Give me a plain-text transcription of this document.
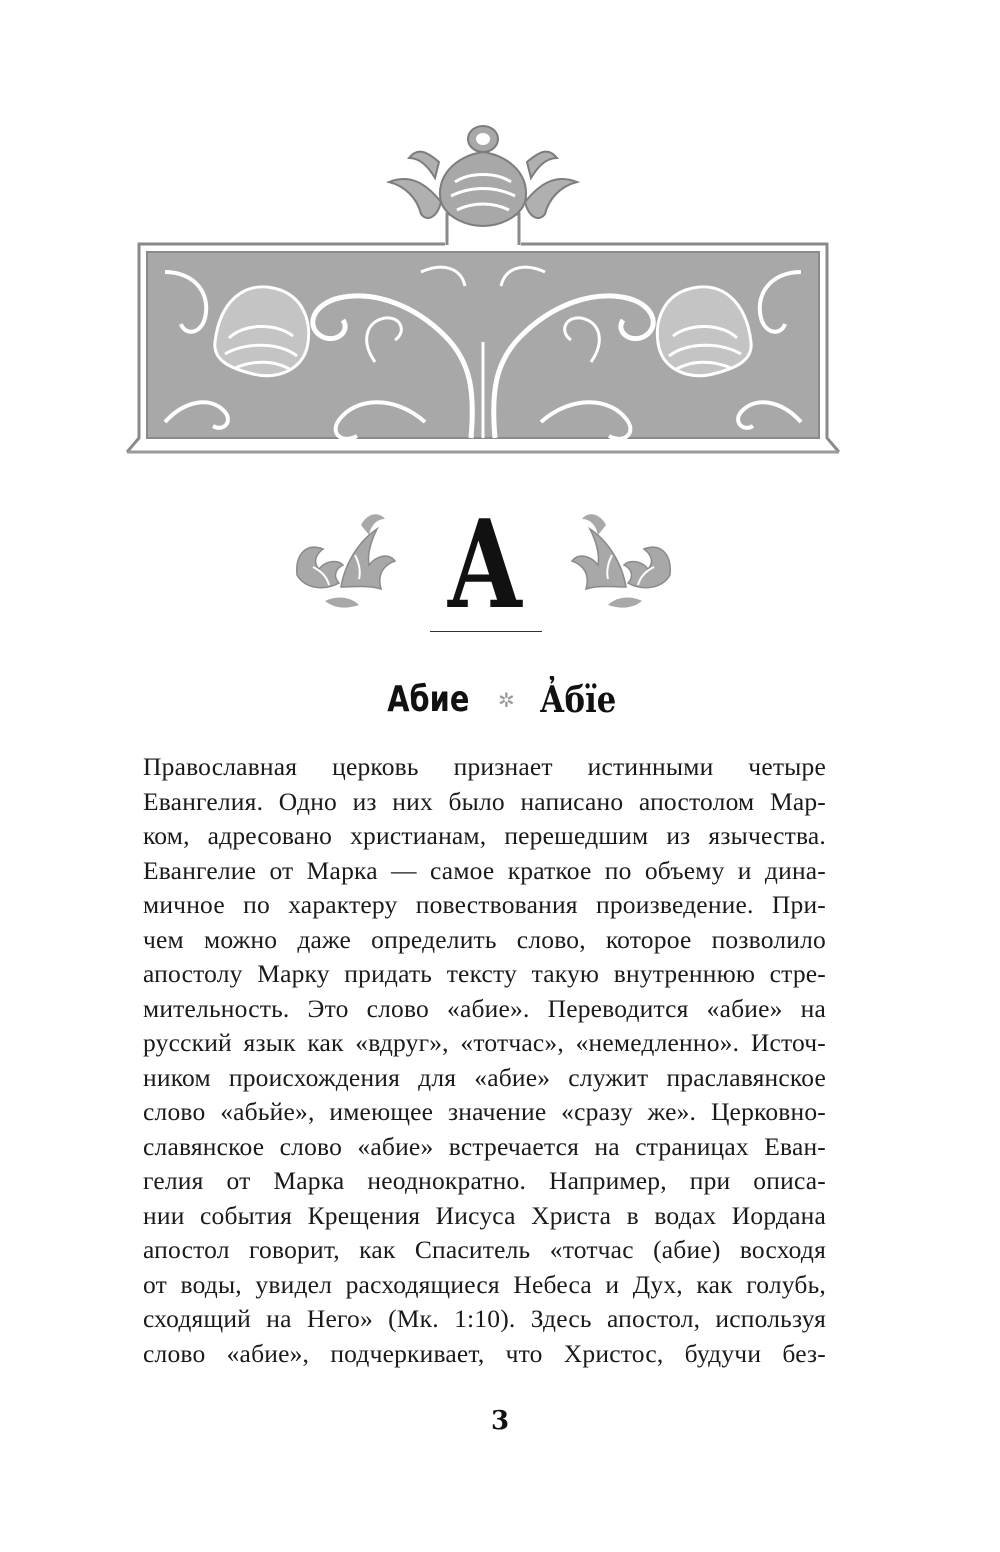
А
Абие ✲ А̓бїе
Православная церковь признает истинными четыре
Евангелия. Одно из них было написано апостолом Мар-
ком, адресовано христианам, перешедшим из язычества.
Евангелие от Марка — самое краткое по объему и дина-
мичное по характеру повествования произведение. При-
чем можно даже определить слово, которое позволило
апостолу Марку придать тексту такую внутреннюю стре-
мительность. Это слово «абие». Переводится «абие» на
русский язык как «вдруг», «тотчас», «немедленно». Источ-
ником происхождения для «абие» служит праславянское
слово «абьйе», имеющее значение «сразу же». Церковно-
славянское слово «абие» встречается на страницах Еван-
гелия от Марка неоднократно. Например, при описа-
нии события Крещения Иисуса Христа в водах Иордана
апостол говорит, как Спаситель «тотчас (абие) восходя
от воды, увидел расходящиеся Небеса и Дух, как голубь,
сходящий на Него» (Мк. 1:10). Здесь апостол, используя
слово «абие», подчеркивает, что Христос, будучи без-
3
